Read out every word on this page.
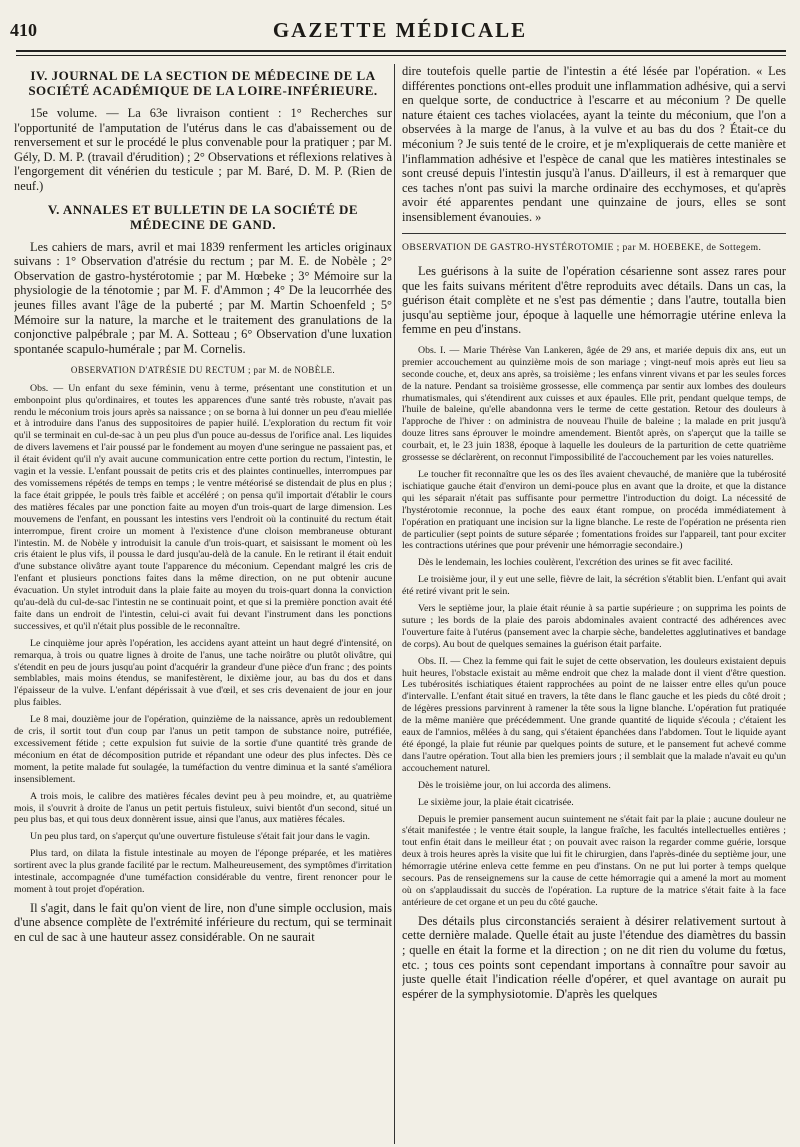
410	GAZETTE MÉDICALE
IV. JOURNAL DE LA SECTION DE MÉDECINE DE LA SOCIÉTÉ ACADÉMIQUE DE LA LOIRE-INFÉRIEURE.

15e volume. — La 63e livraison contient : 1° Recherches sur l'opportunité de l'amputation de l'utérus dans le cas d'abaissement ou de renversement et sur le procédé le plus convenable pour la pratiquer ; par M. Gély, D. M. P. (travail d'érudition) ; 2° Observations et réflexions relatives à l'engorgement dit vénérien du testicule ; par M. Baré, D. M. P. (Rien de neuf.)

V. ANNALES ET BULLETIN DE LA SOCIÉTÉ DE MÉDECINE DE GAND.

Les cahiers de mars, avril et mai 1839 renferment les articles originaux suivans : 1° Observation d'atrésie du rectum ; par M. E. de Nobèle ; 2° Observation de gastro-hystérotomie ; par M. Hœbeke ; 3° Mémoire sur la physiologie de la ténotomie ; par M. F. d'Ammon ; 4° De la leucorrhée des jeunes filles avant l'âge de la puberté ; par M. Martin Schoenfeld ; 5° Mémoire sur la nature, la marche et le traitement des granulations de la conjonctive palpébrale ; par M. A. Sotteau ; 6° Observation d'une luxation spontanée scapulo-humérale ; par M. Cornelis.

OBSERVATION D'ATRÉSIE DU RECTUM ; par M. de NOBÈLE.

Obs. — Un enfant du sexe féminin, venu à terme, présentant une constitution et un embonpoint plus qu'ordinaires, et toutes les apparences d'une santé très robuste, n'avait pas rendu le méconium trois jours après sa naissance ; on se borna à lui donner un peu d'eau miellée et à introduire dans l'anus des suppositoires de papier huilé. L'exploration du rectum fit voir qu'il se terminait en cul-de-sac à un peu plus d'un pouce au-dessus de l'orifice anal. Les liquides de divers lavemens et l'air poussé par le fondement au moyen d'une seringue ne passaient pas, et il était évident qu'il n'y avait aucune communication entre cette portion du rectum, l'intestin, le vagin et la vessie. L'enfant poussait de petits cris et des plaintes continuelles, interrompues par des vomissemens répétés de temps en temps ; le ventre météorisé se distendait de plus en plus ; la face était grippée, le pouls très faible et accéléré ; on pensa qu'il importait d'établir le cours des matières fécales par une ponction faite au moyen d'un trois-quart de large dimension. Les mouvemens de l'enfant, en poussant les intestins vers l'endroit où la continuité du rectum était interrompue, firent croire un moment à l'existence d'une cloison membraneuse obturant l'intestin. M. de Nobèle y introduisit la canule d'un trois-quart, et saisissant le moment où les cris étaient le plus vifs, il poussa le dard jusqu'au-delà de la canule. En le retirant il était enduit d'une substance olivâtre ayant toute l'apparence du méconium. Cependant malgré les cris de l'enfant et plusieurs ponctions faites dans la même direction, on ne put obtenir aucune évacuation. Un stylet introduit dans la plaie faite au moyen du trois-quart donna la conviction qu'au-delà du cul-de-sac l'intestin ne se continuait point, et que si la première ponction avait été faite dans un endroit de l'intestin, celui-ci avait fui devant l'instrument dans les ponctions successives, et qu'il n'était plus possible de le reconnaître.

Le cinquième jour après l'opération, les accidens ayant atteint un haut degré d'intensité, on remarqua, à trois ou quatre lignes à droite de l'anus, une tache noirâtre ou plutôt olivâtre, qui s'étendit en peu de jours jusqu'au point d'acquérir la grandeur d'une pièce d'un franc ; des points semblables, mais moins étendus, se manifestèrent, le dixième jour, au bas du dos et dans l'épaisseur de la vulve. L'enfant dépérissait à vue d'œil, et ses cris devenaient de jour en jour plus faibles.

Le 8 mai, douzième jour de l'opération, quinzième de la naissance, après un redoublement de cris, il sortit tout d'un coup par l'anus un petit tampon de substance noire, putréfiée, excessivement fétide ; cette expulsion fut suivie de la sortie d'une quantité très grande de méconium en état de décomposition putride et répandant une odeur des plus infectes. Dès ce moment, la petite malade fut soulagée, la tuméfaction du ventre diminua et la santé s'améliora insensiblement.

A trois mois, le calibre des matières fécales devint peu à peu moindre, et, au quatrième mois, il s'ouvrit à droite de l'anus un petit pertuis fistuleux, suivi bientôt d'un second, situé un peu plus bas, et qui tous deux donnèrent issue, ainsi que l'anus, aux matières fécales.

Un peu plus tard, on s'aperçut qu'une ouverture fistuleuse s'était fait jour dans le vagin.

Plus tard, on dilata la fistule intestinale au moyen de l'éponge préparée, et les matières sortirent avec la plus grande facilité par le rectum. Malheureusement, des symptômes d'irritation intestinale, accompagnée d'une tuméfaction considérable du ventre, firent renoncer pour le moment à tout projet d'opération.

Il s'agit, dans le fait qu'on vient de lire, non d'une simple occlusion, mais d'une absence complète de l'extrémité inférieure du rectum, qui se terminait en cul de sac à une hauteur assez considérable. On ne saurait

dire toutefois quelle partie de l'intestin a été lésée par l'opération. « Les différentes ponctions ont-elles produit une inflammation adhésive, qui a servi en quelque sorte, de conductrice à l'escarre et au méconium ? De quelle nature étaient ces taches violacées, ayant la teinte du méconium, que l'on a observées à la marge de l'anus, à la vulve et au bas du dos ? Était-ce du méconium ? Je suis tenté de le croire, et je m'expliquerais de cette manière et l'inflammation adhésive et l'espèce de canal que les matières intestinales se sont creusé depuis l'intestin jusqu'à l'anus. D'ailleurs, il est à remarquer que ces taches n'ont pas suivi la marche ordinaire des ecchymoses, et qu'après avoir été apparentes pendant une quinzaine de jours, elles se sont insensiblement évanouies. »

OBSERVATION DE GASTRO-HYSTÉROTOMIE ; par M. HOEBEKE, de Sottegem.

Les guérisons à la suite de l'opération césarienne sont assez rares pour que les faits suivans méritent d'être reproduits avec détails. Dans un cas, la guérison était complète et ne s'est pas démentie ; dans l'autre, toutalla bien jusqu'au septième jour, époque à laquelle une hémorragie utérine enleva la femme en peu d'instans.

Obs. I. — Marie Thérèse Van Lankeren, âgée de 29 ans, et mariée depuis dix ans, eut un premier accouchement au quinzième mois de son mariage ; vingt-neuf mois après eut lieu sa seconde couche, et, deux ans après, sa troisième ; les enfans vinrent vivans et par les seules forces de la nature. Pendant sa troisième grossesse, elle commença par sentir aux lombes des douleurs rhumatismales, qui s'étendirent aux cuisses et aux épaules. Elle prit, pendant quelque temps, de l'huile de baleine, qu'elle abandonna vers le terme de cette gestation. Retour des douleurs à l'approche de l'hiver : on administra de nouveau l'huile de baleine ; la malade en prit jusqu'à douze litres sans éprouver le moindre amendement. Bientôt après, on s'aperçut que la taille se courbait, et, le 23 juin 1838, époque à laquelle les douleurs de la parturition de cette quatrième grossesse se déclarèrent, on reconnut l'impossibilité de l'accouchement par les voies naturelles.

Le toucher fit reconnaître que les os des îles avaient chevauché, de manière que la tubérosité ischiatique gauche était d'environ un demi-pouce plus en avant que la droite, et que la distance qui les séparait n'était pas suffisante pour permettre l'introduction du doigt. La nécessité de l'hystérotomie reconnue, la poche des eaux étant rompue, on procéda immédiatement à l'opération en pratiquant une incision sur la ligne blanche. Le reste de l'opération ne présenta rien de particulier (sept points de suture séparée ; fomentations froides sur l'appareil, tant pour exciter les contractions utérines que pour prévenir une hémorragie secondaire.)

Dès le lendemain, les lochies coulèrent, l'excrétion des urines se fit avec facilité.

Le troisième jour, il y eut une selle, fièvre de lait, la sécrétion s'établit bien. L'enfant qui avait été retiré vivant prit le sein.

Vers le septième jour, la plaie était réunie à sa partie supérieure ; on supprima les points de suture ; les bords de la plaie des parois abdominales avaient contracté des adhérences avec l'ouverture faite à l'utérus (pansement avec la charpie sèche, bandelettes agglutinatives et bandage de corps). Au bout de quelques semaines la guérison était parfaite.

Obs. II. — Chez la femme qui fait le sujet de cette observation, les douleurs existaient depuis huit heures, l'obstacle existait au même endroit que chez la malade dont il vient d'être question. Les tubérosités ischiatiques étaient rapprochées au point de ne laisser entre elles qu'un pouce d'intervalle. L'enfant était situé en travers, la tête dans le flanc gauche et les pieds du côté droit ; de légères pressions parvinrent à ramener la tête sous la ligne blanche. L'opération fut pratiquée de la même manière que précédemment. Une grande quantité de liquide s'écoula ; c'étaient les eaux de l'amnios, mêlées à du sang, qui s'étaient épanchées dans l'abdomen. Tout le liquide ayant été épongé, la plaie fut réunie par quelques points de suture, et le pansement fut achevé comme dans l'autre opération. Tout alla bien les premiers jours ; il semblait que la malade n'avait eu qu'un accouchement naturel.

Dès le troisième jour, on lui accorda des alimens.

Le sixième jour, la plaie était cicatrisée.

Depuis le premier pansement aucun suintement ne s'était fait par la plaie ; aucune douleur ne s'était manifestée ; le ventre était souple, la langue fraîche, les facultés intellectuelles entières ; tout enfin était dans le meilleur état ; on pouvait avec raison la regarder comme guérie, lorsque deux à trois heures après la visite que lui fit le chirurgien, dans l'après-dinée du septième jour, une hémorragie utérine enleva cette femme en peu d'instans. On ne put lui porter à temps quelque secours. Pas de renseignemens sur la cause de cette hémorragie qui a amené la mort au moment où on s'applaudissait du succès de l'opération. La rupture de la matrice s'était faite à la face antérieure de cet organe et un peu du côté gauche.

Des détails plus circonstanciés seraient à désirer relativement surtout à cette dernière malade. Quelle était au juste l'étendue des diamètres du bassin ; quelle en était la forme et la direction ; on ne dit rien du volume du fœtus, etc. ; tous ces points sont cependant importans à connaître pour savoir au juste quelle était l'indication réelle d'opérer, et quel avantage on aurait pu espérer de la symphysiotomie. D'après les quelques
